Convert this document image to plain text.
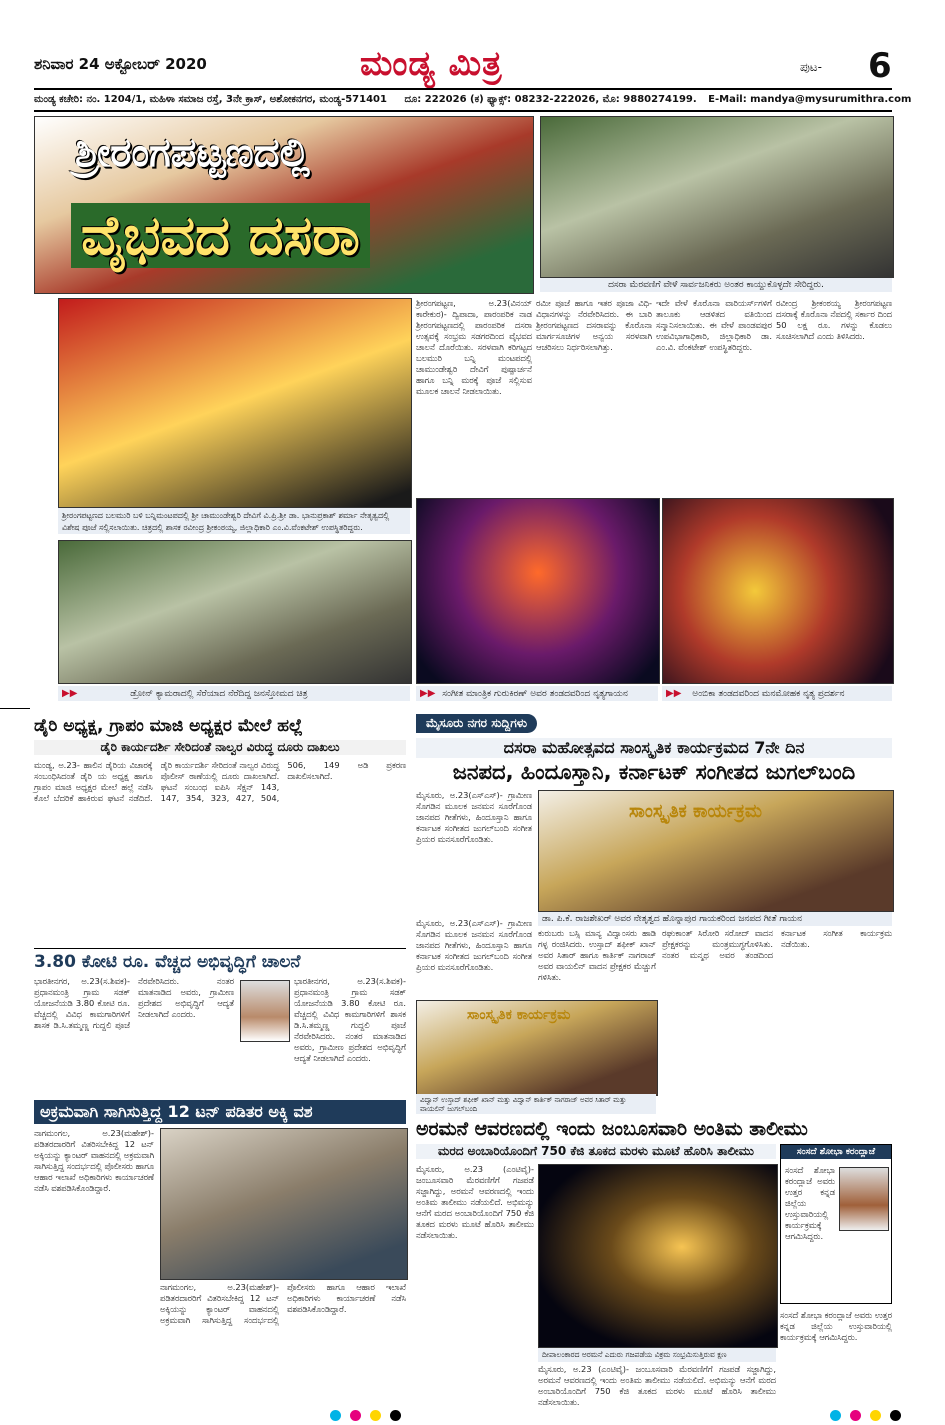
ಶನಿವಾರ 24 ಅಕ್ಟೋಬರ್ 2020	ಮಂಡ್ಯ ಮಿತ್ರ	ಪುಟ- 6
ಮಂಡ್ಯ ಕಚೇರಿ: ನಂ. 1204/1, ಮಹಿಳಾ ಸಮಾಜ ರಸ್ತೆ, 3ನೇ ಕ್ರಾಸ್, ಅಶೋಕನಗರ, ಮಂಡ್ಯ-571401 ದೂ: 222026 (ಕ) ಫ್ಯಾಕ್ಸ್: 08232-222026, ಮೊ: 9880274199. E-Mail: mandya@mysurumithra.com
ಶ್ರೀರಂಗಪಟ್ಟಣದಲ್ಲಿ
ವೈಭವದ ದಸರಾ
ದಸರಾ ಮೆರವಣಿಗೆ ವೇಳೆ ಸಾರ್ವಜನಿಕರು ಅಂತರ ಕಾಯ್ದುಕೊಳ್ಳದೇ ಸೇರಿದ್ದರು.
ಶ್ರೀರಂಗಪಟ್ಟಣದ ಬಲಮುರಿ ಬಳಿ ಬನ್ನಿಮಂಟಪದಲ್ಲಿ ಶ್ರೀ ಚಾಮುಂಡೇಶ್ವರಿ ದೇವಿಗೆ ವಿ.ಪ್ರಿ.ಶ್ರೀ ಡಾ. ಭಾನುಪ್ರಕಾಶ್ ಶರ್ಮಾ ನೇತೃತ್ವದಲ್ಲಿ ವಿಶೇಷ ಪೂಜೆ ಸಲ್ಲಿಸಲಾಯಿತು. ಚಿತ್ರದಲ್ಲಿ ಶಾಸಕ ರವೀಂದ್ರ ಶ್ರೀಕಂಠಯ್ಯ, ಜಿಲ್ಲಾಧಿಕಾರಿ ಎಂ.ವಿ.ವೆಂಕಟೇಶ್ ಉಪಸ್ಥಿತರಿದ್ದರು.
ಶ್ರೀರಂಗಪಟ್ಟಣ, ಅ.23(ವಿನಯ್ ಕಾರೇಕುರ)- ದ್ವಿಪಾದಾ, ಪಾರಂಪರಿಕ ನಾಡ ಶ್ರೀರಂಗಪಟ್ಟಣದಲ್ಲಿ ಪಾರಂಪರಿಕ ದಸರಾ ಉತ್ಸವಕ್ಕೆ ಸಂಭ್ರಮ ಸಡಗರದಿಂದ ವೈಭವದ ಚಾಲನೆ ದೊರೆಯಿತು. ಸರಳವಾಗಿ ಕರಿಗಟ್ಟದ ಬಲಮುರಿ ಬನ್ನಿ ಮಂಟಪದಲ್ಲಿ ಚಾಮುಂಡೇಶ್ವರಿ ದೇವಿಗೆ ಪುಷ್ಪಾರ್ಚನೆ ಹಾಗೂ ಬನ್ನಿ ಮರಕ್ಕೆ ಪೂಜೆ ಸಲ್ಲಿಸುವ ಮೂಲಕ ಚಾಲನೆ ನೀಡಲಾಯಿತು.
ರಮೀ ಪೂಜೆ ಹಾಗೂ ಇತರ ಪೂಜಾ ವಿಧಿ-ವಿಧಾನಗಳನ್ನು ನೆರವೇರಿಸಿದರು. ಈ ಬಾರಿ ಶ್ರೀರಂಗಪಟ್ಟಣದ ದಸರಾವನ್ನು ಕೊರೊನಾ ಮಾರ್ಗಸೂಚಿಗಳ ಅನ್ವಯ ಸರಳವಾಗಿ ಆಚರಿಸಲು ನಿರ್ಧರಿಸಲಾಗಿತ್ತು.
ಇದೇ ವೇಳೆ ಕೊರೊನಾ ವಾರಿಯರ್ಸ್‌ಗಳಿಗೆ ತಾಲೂಕು ಆಡಳಿತದ ವತಿಯಿಂದ ಸನ್ಮಾನಿಸಲಾಯಿತು. ಈ ವೇಳೆ ಪಾಂಡವಪುರ ಉಪವಿಭಾಗಾಧಿಕಾರಿ, ಜಿಲ್ಲಾಧಿಕಾರಿ ಡಾ. ಎಂ.ವಿ. ವೆಂಕಟೇಶ್ ಉಪಸ್ಥಿತರಿದ್ದರು.
ರವೀಂದ್ರ ಶ್ರೀಕಂಠಯ್ಯ ಶ್ರೀರಂಗಪಟ್ಟಣ ದಸರಾಕ್ಕೆ ಕೊರೊನಾ ನೆಪದಲ್ಲಿ ಸರ್ಕಾರ ದಿಂದ 50 ಲಕ್ಷ ರೂ. ಗಳನ್ನು ಕೊಡಲು ಸೂಚಿಸಲಾಗಿದೆ ಎಂದು ತಿಳಿಸಿದರು.
▶▶	ಡ್ರೋನ್ ಕ್ಯಾಮರಾದಲ್ಲಿ ಸೆರೆಯಾದ ನೆರೆದಿದ್ದ ಜನಸ್ತೋಮದ ಚಿತ್ರ	▶▶ ಸಂಗೀತ ಮಾಂತ್ರಿಕ ಗುರುಕಿರಣ್ ಅವರ ತಂಡದವರಿಂದ ನೃತ್ಯಗಾಯನ	▶▶ ಅಂಬಿಕಾ ತಂಡದವರಿಂದ ಮನಮೋಹಕ ನೃತ್ಯ ಪ್ರದರ್ಶನ
ಡೈರಿ ಅಧ್ಯಕ್ಷ, ಗ್ರಾಪಂ ಮಾಜಿ ಅಧ್ಯಕ್ಷರ ಮೇಲೆ ಹಲ್ಲೆ
ಡೈರಿ ಕಾರ್ಯದರ್ಶಿ ಸೇರಿದಂತೆ ನಾಲ್ವರ ವಿರುದ್ಧ ದೂರು ದಾಖಲು
ಮಂಡ್ಯ, ಅ.23- ಹಾಲಿನ ಡೈರಿಯ ವಿಚಾರಕ್ಕೆ ಸಂಬಂಧಿಸಿದಂತೆ ಡೈರಿ ಯ ಅಧ್ಯಕ್ಷ ಹಾಗೂ ಗ್ರಾಪಂ ಮಾಜಿ ಅಧ್ಯಕ್ಷರ ಮೇಲೆ ಹಲ್ಲೆ ನಡೆಸಿ ಕೊಲೆ ಬೆದರಿಕೆ ಹಾಕಿರುವ ಘಟನೆ ನಡೆದಿದೆ. ಡೈರಿ ಕಾರ್ಯದರ್ಶಿ ಸೇರಿದಂತೆ ನಾಲ್ವರ ವಿರುದ್ಧ ಪೊಲೀಸ್ ಠಾಣೆಯಲ್ಲಿ ದೂರು ದಾಖಲಾಗಿದೆ. ಘಟನೆ ಸಂಬಂಧ ಐಪಿಸಿ ಸೆಕ್ಷನ್ 143, 147, 354, 323, 427, 504, 506, 149 ಅಡಿ ಪ್ರಕರಣ ದಾಖಲಿಸಲಾಗಿದೆ.
3.80 ಕೋಟಿ ರೂ. ವೆಚ್ಚದ ಅಭಿವೃದ್ಧಿಗೆ ಚಾಲನೆ
ಭಾರತೀನಗರ, ಅ.23(ಸ.ಶಿವಕ)- ಪ್ರಧಾನಮಂತ್ರಿ ಗ್ರಾಮ ಸಡಕ್ ಯೋಜನೆಯಡಿ 3.80 ಕೋಟಿ ರೂ. ವೆಚ್ಚದಲ್ಲಿ ವಿವಿಧ ಕಾಮಗಾರಿಗಳಿಗೆ ಶಾಸಕ ಡಿ.ಸಿ.ತಮ್ಮಣ್ಣ ಗುದ್ದಲಿ ಪೂಜೆ ನೆರವೇರಿಸಿದರು. ನಂತರ ಮಾತನಾಡಿದ ಅವರು, ಗ್ರಾಮೀಣ ಪ್ರದೇಶದ ಅಭಿವೃದ್ಧಿಗೆ ಆದ್ಯತೆ ನೀಡಲಾಗಿದೆ ಎಂದರು.
ಭಾರತೀನಗರ, ಅ.23(ಸ.ಶಿವಕ)- ಪ್ರಧಾನಮಂತ್ರಿ ಗ್ರಾಮ ಸಡಕ್ ಯೋಜನೆಯಡಿ 3.80 ಕೋಟಿ ರೂ. ವೆಚ್ಚದಲ್ಲಿ ವಿವಿಧ ಕಾಮಗಾರಿಗಳಿಗೆ ಶಾಸಕ ಡಿ.ಸಿ.ತಮ್ಮಣ್ಣ ಗುದ್ದಲಿ ಪೂಜೆ ನೆರವೇರಿಸಿದರು. ನಂತರ ಮಾತನಾಡಿದ ಅವರು, ಗ್ರಾಮೀಣ ಪ್ರದೇಶದ ಅಭಿವೃದ್ಧಿಗೆ ಆದ್ಯತೆ ನೀಡಲಾಗಿದೆ ಎಂದರು.
ಅಕ್ರಮವಾಗಿ ಸಾಗಿಸುತ್ತಿದ್ದ 12 ಟನ್ ಪಡಿತರ ಅಕ್ಕಿ ವಶ
ನಾಗಮಂಗಲ, ಅ.23(ಮಹೇಶ್)- ಪಡಿತರದಾರರಿಗೆ ವಿತರಿಸಬೇಕಿದ್ದ 12 ಟನ್ ಅಕ್ಕಿಯನ್ನು ಕ್ಯಾಂಟರ್ ವಾಹನದಲ್ಲಿ ಅಕ್ರಮವಾಗಿ ಸಾಗಿಸುತ್ತಿದ್ದ ಸಂದರ್ಭದಲ್ಲಿ ಪೊಲೀಸರು ಹಾಗೂ ಆಹಾರ ಇಲಾಖೆ ಅಧಿಕಾರಿಗಳು ಕಾರ್ಯಾಚರಣೆ ನಡೆಸಿ ವಶಪಡಿಸಿಕೊಂಡಿದ್ದಾರೆ.
ನಾಗಮಂಗಲ, ಅ.23(ಮಹೇಶ್)- ಪಡಿತರದಾರರಿಗೆ ವಿತರಿಸಬೇಕಿದ್ದ 12 ಟನ್ ಅಕ್ಕಿಯನ್ನು ಕ್ಯಾಂಟರ್ ವಾಹನದಲ್ಲಿ ಅಕ್ರಮವಾಗಿ ಸಾಗಿಸುತ್ತಿದ್ದ ಸಂದರ್ಭದಲ್ಲಿ ಪೊಲೀಸರು ಹಾಗೂ ಆಹಾರ ಇಲಾಖೆ ಅಧಿಕಾರಿಗಳು ಕಾರ್ಯಾಚರಣೆ ನಡೆಸಿ ವಶಪಡಿಸಿಕೊಂಡಿದ್ದಾರೆ.
ಮೈಸೂರು ನಗರ ಸುದ್ದಿಗಳು
ದಸರಾ ಮಹೋತ್ಸವದ ಸಾಂಸ್ಕೃತಿಕ ಕಾರ್ಯಕ್ರಮದ 7ನೇ ದಿನ
ಜನಪದ, ಹಿಂದೂಸ್ತಾನಿ, ಕರ್ನಾಟಕ್ ಸಂಗೀತದ ಜುಗಲ್‌ಬಂದಿ
ಮೈಸೂರು, ಅ.23(ಎಸ್‌ಎಸ್)- ಗ್ರಾಮೀಣ ಸೊಗಡಿನ ಮೂಲಕ ಜನಮನ ಸೂರೆಗೊಂಡ ಜಾನಪದ ಗೀತೆಗಳು, ಹಿಂದೂಸ್ತಾನಿ ಹಾಗೂ ಕರ್ನಾಟಕ ಸಂಗೀತದ ಜುಗಲ್‌ಬಂದಿ ಸಂಗೀತ ಪ್ರಿಯರ ಮನಸೂರೆಗೊಂಡಿತು.
ಸಾಂಸ್ಕೃತಿಕ ಕಾರ್ಯಕ್ರಮ
ಡಾ. ಪಿ.ಕೆ. ರಾಜಶೇಖರ್ ಅವರ ನೇತೃತ್ವದ ಹೊನ್ನಾಪುರ ಗಾಯಕರಿಂದ ಜನಪದ ಗೀತೆ ಗಾಯನ
ಮೈಸೂರು, ಅ.23(ಎಸ್‌ಎಸ್)- ಗ್ರಾಮೀಣ ಸೊಗಡಿನ ಮೂಲಕ ಜನಮನ ಸೂರೆಗೊಂಡ ಜಾನಪದ ಗೀತೆಗಳು, ಹಿಂದೂಸ್ತಾನಿ ಹಾಗೂ ಕರ್ನಾಟಕ ಸಂಗೀತದ ಜುಗಲ್‌ಬಂದಿ ಸಂಗೀತ ಪ್ರಿಯರ ಮನಸೂರೆಗೊಂಡಿತು.
ಸಾಂಸ್ಕೃತಿಕ ಕಾರ್ಯಕ್ರಮ
ವಿದ್ವಾನ್ ಉಸ್ತಾದ್ ಶಫೀಕ್ ಖಾನ್ ಮತ್ತು ವಿದ್ವಾನ್ ಕಾರ್ತಿಕ್ ನಾಗರಾಜ್ ಅವರ ಸಿತಾರ್ ಮತ್ತು ವಾಯಲಿನ್ ಜುಗಲ್‌ಬಂದಿ
ಕುರುಬರು ಬಸ್ಸಿ ಮಾನ್ಯ ವಿದ್ವಾಂಸರು ಹಾಡಿ ಗಳ್ಳ ರಂಜಿಸಿದರು. ಉಸ್ತಾದ್ ಶಫೀಕ್ ಖಾನ್ ಅವರ ಸಿತಾರ್ ಹಾಗೂ ಕಾರ್ತಿಕ್ ನಾಗರಾಜ್ ಅವರ ವಾಯಲಿನ್ ವಾದನ ಪ್ರೇಕ್ಷಕರ ಮೆಚ್ಚುಗೆ ಗಳಿಸಿತು.
ರಘುಕಾಂತ್ ಸಿರೋರಿ ಸರೋದ್ ವಾದನ ಪ್ರೇಕ್ಷಕರನ್ನು ಮಂತ್ರಮುಗ್ಧಗೊಳಿಸಿತು. ನಂತರ ಮನ್ಮಥ ಅವರ ತಂಡದಿಂದ ಕರ್ನಾಟಕ ಸಂಗೀತ ಕಾರ್ಯಕ್ರಮ ನಡೆಯಿತು.
ಅರಮನೆ ಆವರಣದಲ್ಲಿ ಇಂದು ಜಂಬೂಸವಾರಿ ಅಂತಿಮ ತಾಲೀಮು
ಮರದ ಅಂಬಾರಿಯೊಂದಿಗೆ 750 ಕೆಜಿ ತೂಕದ ಮರಳು ಮೂಟೆ ಹೊರಿಸಿ ತಾಲೀಮು
ಮೈಸೂರು, ಅ.23 (ಎಂಟಿವೈ)- ಜಂಬೂಸವಾರಿ ಮೆರವಣಿಗೆಗೆ ಗಜಪಡೆ ಸಜ್ಜಾಗಿದ್ದು, ಅರಮನೆ ಆವರಣದಲ್ಲಿ ಇಂದು ಅಂತಿಮ ತಾಲೀಮು ನಡೆಯಲಿದೆ. ಅಭಿಮನ್ಯು ಆನೆಗೆ ಮರದ ಅಂಬಾರಿಯೊಂದಿಗೆ 750 ಕೆಜಿ ತೂಕದ ಮರಳು ಮೂಟೆ ಹೊರಿಸಿ ತಾಲೀಮು ನಡೆಸಲಾಯಿತು.
ದೀಪಾಲಂಕಾರದ ಅರಮನೆ ಎದುರು ಗಜಪಡೆಯ ವಿಕ್ರಮ ಸಂಭ್ರಮಿಸುತ್ತಿರುವ ಕ್ಷಣ
ಮೈಸೂರು, ಅ.23 (ಎಂಟಿವೈ)- ಜಂಬೂಸವಾರಿ ಮೆರವಣಿಗೆಗೆ ಗಜಪಡೆ ಸಜ್ಜಾಗಿದ್ದು, ಅರಮನೆ ಆವರಣದಲ್ಲಿ ಇಂದು ಅಂತಿಮ ತಾಲೀಮು ನಡೆಯಲಿದೆ. ಅಭಿಮನ್ಯು ಆನೆಗೆ ಮರದ ಅಂಬಾರಿಯೊಂದಿಗೆ 750 ಕೆಜಿ ತೂಕದ ಮರಳು ಮೂಟೆ ಹೊರಿಸಿ ತಾಲೀಮು ನಡೆಸಲಾಯಿತು.
ಸಂಸದೆ ಶೋಭಾ ಕರಂದ್ಲಾಜೆ
ಸಂಸದೆ ಶೋಭಾ ಕರಂದ್ಲಾಜೆ ಅವರು ಉತ್ತರ ಕನ್ನಡ ಜಿಲ್ಲೆಯ ಉಸ್ತುವಾರಿಯಲ್ಲಿ ಕಾರ್ಯಕ್ರಮಕ್ಕೆ ಆಗಮಿಸಿದ್ದರು.
ಸಂಸದೆ ಶೋಭಾ ಕರಂದ್ಲಾಜೆ ಅವರು ಉತ್ತರ ಕನ್ನಡ ಜಿಲ್ಲೆಯ ಉಸ್ತುವಾರಿಯಲ್ಲಿ ಕಾರ್ಯಕ್ರಮಕ್ಕೆ ಆಗಮಿಸಿದ್ದರು.
